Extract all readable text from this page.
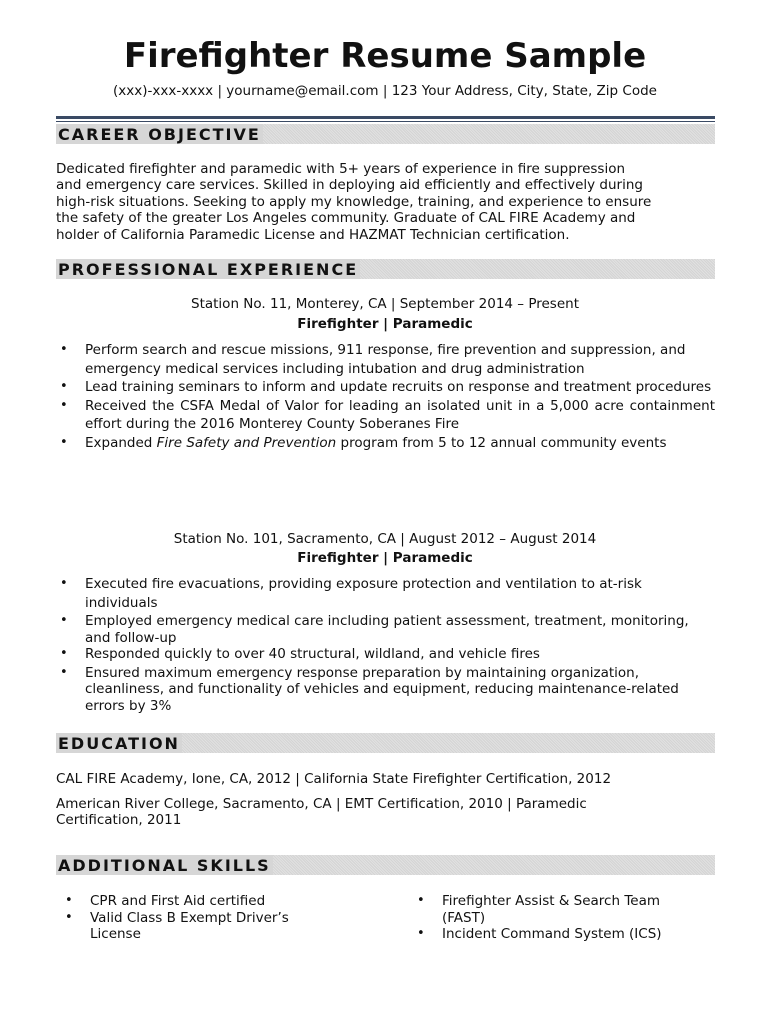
Firefighter Resume Sample
(xxx)-xxx-xxxx | yourname@email.com | 123 Your Address, City, State, Zip Code
CAREER OBJECTIVE
Dedicated firefighter and paramedic with 5+ years of experience in fire suppression
and emergency care services. Skilled in deploying aid efficiently and effectively during
high-risk situations. Seeking to apply my knowledge, training, and experience to ensure
the safety of the greater Los Angeles community. Graduate of CAL FIRE Academy and
holder of California Paramedic License and HAZMAT Technician certification.
PROFESSIONAL EXPERIENCE
Station No. 11, Monterey, CA | September 2014 – Present
Firefighter | Paramedic
• Perform search and rescue missions, 911 response, fire prevention and suppression, and emergency medical services including intubation and drug administration
• Lead training seminars to inform and update recruits on response and treatment procedures
• Received the CSFA Medal of Valor for leading an isolated unit in a 5,000 acre containment effort during the 2016 Monterey County Soberanes Fire
• Expanded Fire Safety and Prevention program from 5 to 12 annual community events
Station No. 101, Sacramento, CA | August 2012 – August 2014
Firefighter | Paramedic
• Executed fire evacuations, providing exposure protection and ventilation to at-risk individuals
• Employed emergency medical care including patient assessment, treatment, monitoring, and follow-up
• Responded quickly to over 40 structural, wildland, and vehicle fires
• Ensured maximum emergency response preparation by maintaining organization, cleanliness, and functionality of vehicles and equipment, reducing maintenance-related errors by 3%
EDUCATION
CAL FIRE Academy, Ione, CA, 2012 | California State Firefighter Certification, 2012
American River College, Sacramento, CA | EMT Certification, 2010 | Paramedic Certification, 2011
ADDITIONAL SKILLS
• CPR and First Aid certified
• Valid Class B Exempt Driver’s License
• Firefighter Assist & Search Team (FAST)
• Incident Command System (ICS)
